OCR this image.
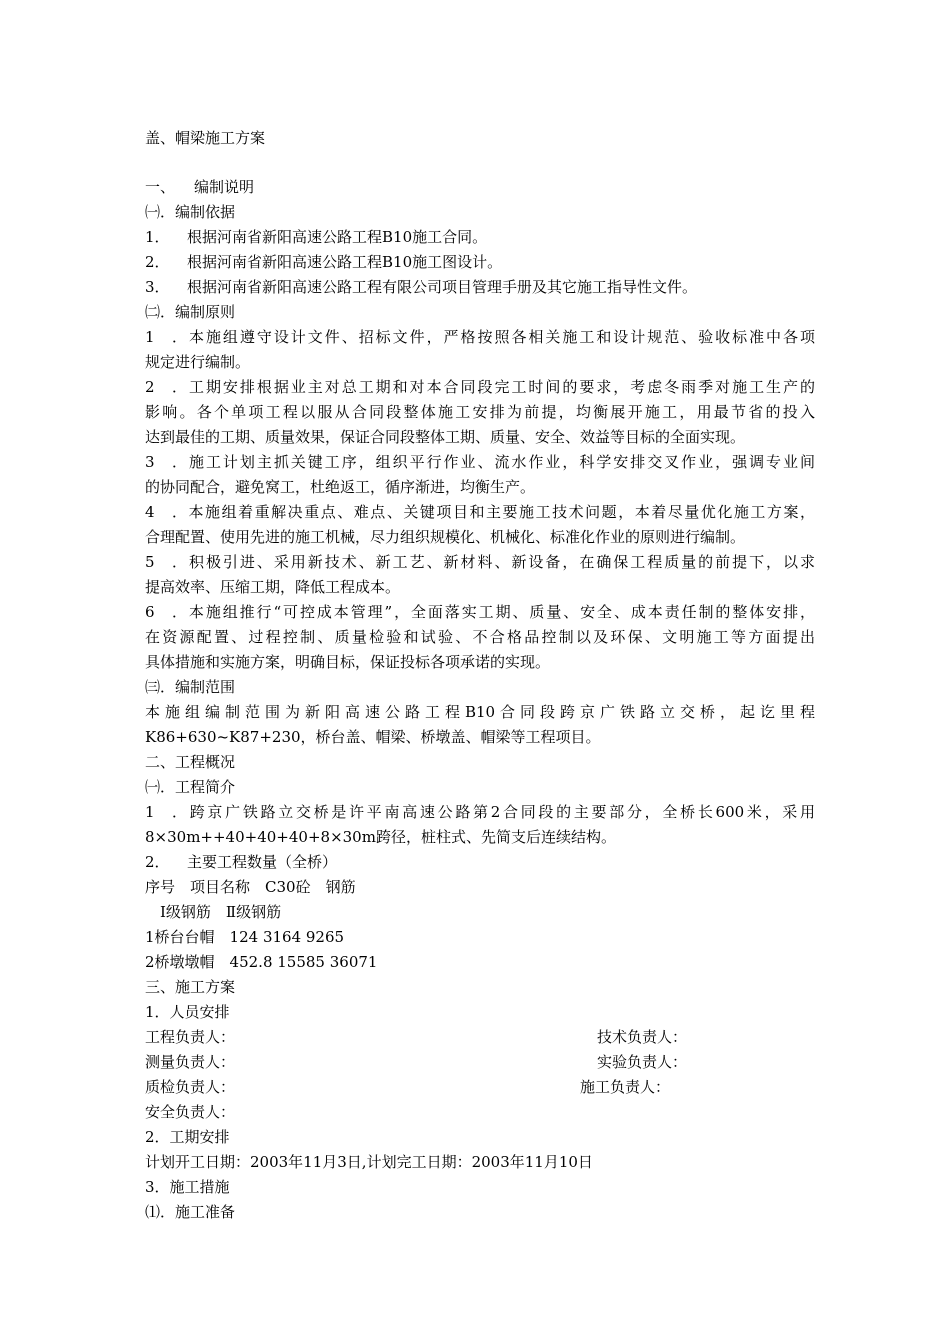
盖、帽梁施工方案
一、 编制说明
㈠．编制依据
1． 根据河南省新阳高速公路工程B10施工合同。
2． 根据河南省新阳高速公路工程B10施工图设计。
3． 根据河南省新阳高速公路工程有限公司项目管理手册及其它施工指导性文件。
㈡．编制原则
1．本施组遵守设计文件、招标文件，严格按照各相关施工和设计规范、验收标准中各项
规定进行编制。
2．工期安排根据业主对总工期和对本合同段完工时间的要求，考虑冬雨季对施工生产的
影响。各个单项工程以服从合同段整体施工安排为前提，均衡展开施工，用最节省的投入
达到最佳的工期、质量效果，保证合同段整体工期、质量、安全、效益等目标的全面实现。
3．施工计划主抓关键工序，组织平行作业、流水作业，科学安排交叉作业，强调专业间
的协同配合，避免窝工，杜绝返工，循序渐进，均衡生产。
4．本施组着重解决重点、难点、关键项目和主要施工技术问题，本着尽量优化施工方案，
合理配置、使用先进的施工机械，尽力组织规模化、机械化、标准化作业的原则进行编制。
5．积极引进、采用新技术、新工艺、新材料、新设备，在确保工程质量的前提下，以求
提高效率、压缩工期，降低工程成本。
6．本施组推行“可控成本管理”，全面落实工期、质量、安全、成本责任制的整体安排，
在资源配置、过程控制、质量检验和试验、不合格品控制以及环保、文明施工等方面提出
具体措施和实施方案，明确目标，保证投标各项承诺的实现。
㈢．编制范围
本施组编制范围为新阳高速公路工程B10合同段跨京广铁路立交桥，起讫里程
K86+630~K87+230，桥台盖、帽梁、桥墩盖、帽梁等工程项目。
二、工程概况
㈠．工程简介
1．跨京广铁路立交桥是许平南高速公路第2合同段的主要部分，全桥长600米，采用
8×30m++40+40+40+8×30m跨径，桩柱式、先简支后连续结构。
2． 主要工程数量（全桥）
序号　项目名称　C30砼　钢筋
　Ⅰ级钢筋　Ⅱ级钢筋
1桥台台帽　124 3164 9265
2桥墩墩帽　452.8 15585 36071
三、施工方案
1．人员安排
工程负责人：	技术负责人：
测量负责人：	实验负责人：
质检负责人：	施工负责人：
安全负责人：
2．工期安排
计划开工日期：2003年11月3日,计划完工日期：2003年11月10日
3．施工措施
⑴．施工准备
